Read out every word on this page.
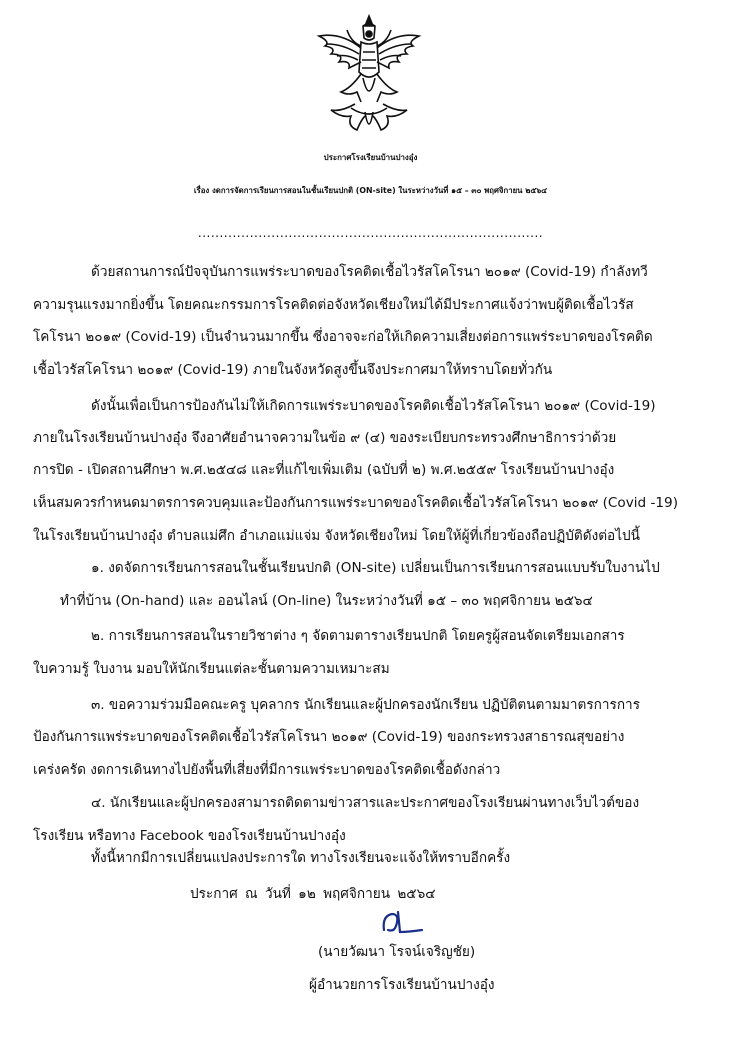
ประกาศโรงเรียนบ้านปางอุ๋ง
เรื่อง งดการจัดการเรียนการสอนในชั้นเรียนปกติ (ON-site) ในระหว่างวันที่ ๑๕ – ๓๐ พฤศจิกายน ๒๕๖๔
................................................................................
ด้วยสถานการณ์ปัจจุบันการแพร่ระบาดของโรคติดเชื้อไวรัสโคโรนา ๒๐๑๙ (Covid-19) กำลังทวี
ความรุนแรงมากยิ่งขึ้น โดยคณะกรรมการโรคติดต่อจังหวัดเชียงใหม่ได้มีประกาศแจ้งว่าพบผู้ติดเชื้อไวรัส
โคโรนา ๒๐๑๙ (Covid-19) เป็นจำนวนมากขึ้น ซึ่งอาจจะก่อให้เกิดความเสี่ยงต่อการแพร่ระบาดของโรคติด
เชื้อไวรัสโคโรนา ๒๐๑๙ (Covid-19) ภายในจังหวัดสูงขึ้นจึงประกาศมาให้ทราบโดยทั่วกัน
ดังนั้นเพื่อเป็นการป้องกันไม่ให้เกิดการแพร่ระบาดของโรคติดเชื้อไวรัสโคโรนา ๒๐๑๙ (Covid-19)
ภายในโรงเรียนบ้านปางอุ๋ง จึงอาศัยอำนาจความในข้อ ๙ (๔) ของระเบียบกระทรวงศึกษาธิการว่าด้วย
การปิด - เปิดสถานศึกษา พ.ศ.๒๕๔๘ และที่แก้ไขเพิ่มเติม (ฉบับที่ ๒) พ.ศ.๒๕๕๙ โรงเรียนบ้านปางอุ๋ง
เห็นสมควรกำหนดมาตรการควบคุมและป้องกันการแพร่ระบาดของโรคติดเชื้อไวรัสโคโรนา ๒๐๑๙ (Covid -19)
ในโรงเรียนบ้านปางอุ๋ง ตำบลแม่ศึก อำเภอแม่แจ่ม จังหวัดเชียงใหม่ โดยให้ผู้ที่เกี่ยวข้องถือปฏิบัติดังต่อไปนี้
๑. งดจัดการเรียนการสอนในชั้นเรียนปกติ (ON-site) เปลี่ยนเป็นการเรียนการสอนแบบรับใบงานไป
ทำที่บ้าน (On-hand) และ ออนไลน์ (On-line) ในระหว่างวันที่ ๑๕ – ๓๐ พฤศจิกายน ๒๕๖๔
๒. การเรียนการสอนในรายวิชาต่าง ๆ จัดตามตารางเรียนปกติ โดยครูผู้สอนจัดเตรียมเอกสาร
ใบความรู้ ใบงาน มอบให้นักเรียนแต่ละชั้นตามความเหมาะสม
๓. ขอความร่วมมือคณะครู บุคลากร นักเรียนและผู้ปกครองนักเรียน ปฏิบัติตนตามมาตรการการ
ป้องกันการแพร่ระบาดของโรคติดเชื้อไวรัสโคโรนา ๒๐๑๙ (Covid-19) ของกระทรวงสาธารณสุขอย่าง
เคร่งครัด งดการเดินทางไปยังพื้นที่เสี่ยงที่มีการแพร่ระบาดของโรคติดเชื้อดังกล่าว
๔. นักเรียนและผู้ปกครองสามารถติดตามข่าวสารและประกาศของโรงเรียนผ่านทางเว็บไวต์ของ
โรงเรียน หรือทาง Facebook ของโรงเรียนบ้านปางอุ๋ง
ทั้งนี้หากมีการเปลี่ยนแปลงประการใด ทางโรงเรียนจะแจ้งให้ทราบอีกครั้ง
ประกาศ ณ วันที่ ๑๒ พฤศจิกายน ๒๕๖๔
(นายวัฒนา โรจน์เจริญชัย)
ผู้อำนวยการโรงเรียนบ้านปางอุ๋ง
